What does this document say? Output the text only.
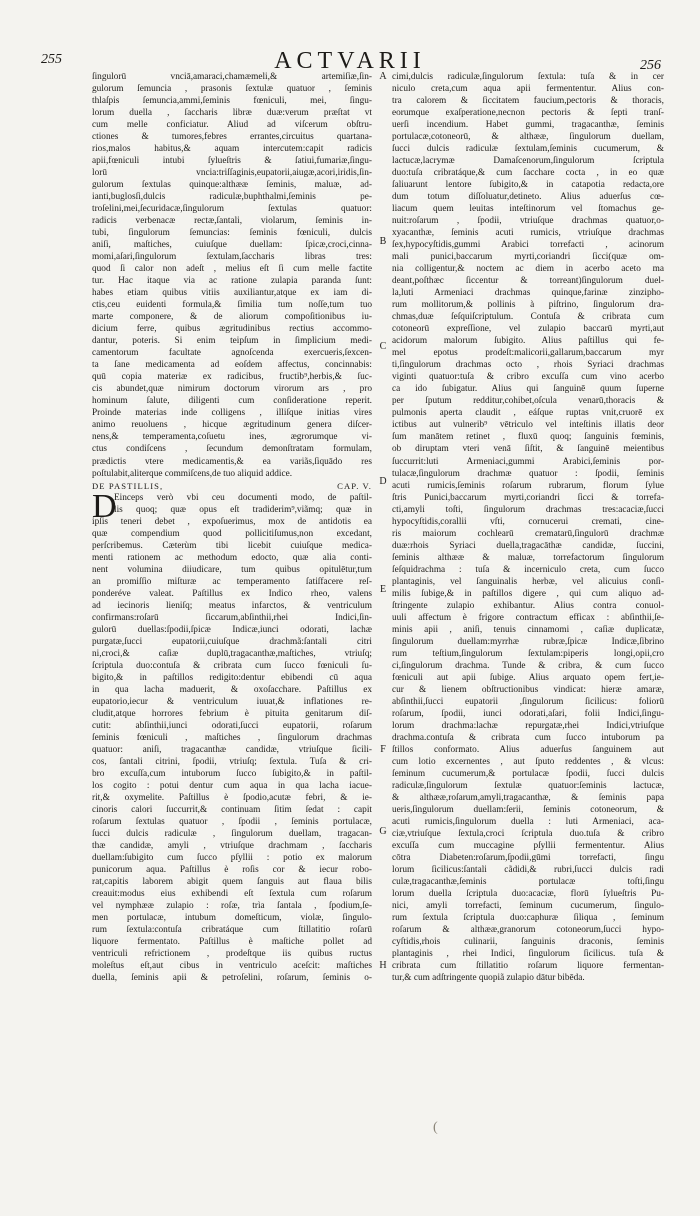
255	ACTVARII	256
ſingulorū vnciā,amaraci,chamæmeli,& artemiſiæ,ſin-
gulorum ſemuncia , prasonis ſextulæ quatuor , ſeminis
thlaſpis ſemuncia,ammi,ſeminis fœniculi, mei, ſingu-
lorum duella , ſaccharis libræ duæ:verum præſtat vt
cum melle conficiatur. Aliud ad viſcerum obſtru-
ctiones & tumores,febres errantes,circuitus quartana-
rios,malos habitus,& aquam intercutem:capit radicis
apii,fœniculi intubi ſylueſtris & ſatiui,fumariæ,ſingu-
lorū vncia:triſſaginis,eupatorii,aiugæ,acori,iridis,ſin-
gulorum ſextulas quinque:althææ ſeminis, maluæ, ad-
ianti,buglosſi,dulcis radiculæ,buphthalmi,ſeminis pe-
troſelini,mei,ſecuridacæ,ſingulorum ſextulas quatuor:
radicis verbenacæ rectæ,ſantali, violarum, ſeminis in-
tubi, ſingulorum ſemuncias: ſeminis fœniculi, dulcis
aniſi, maſtiches, cuiuſque duellam: ſpicæ,croci,cinna-
momi,aſari,ſingulorum ſextulam,ſaccharis libras tres:
quod ſi calor non adeſt , melius eſt ſi cum melle factite
tur. Hac itaque via ac ratione zulapia paranda ſunt:
habes etiam quibus vitiis auxiliantur,atque ex iam di-
ctis,ceu euidenti formula,& ſimilia tum noſſe,tum tuo
marte componere, & de aliorum compoſitionibus iu-
dicium ferre, quibus ægritudinibus rectius accommo-
dantur, poteris. Si enim teipſum in ſimplicium medi-
camentorum facultate agnoſcenda exercueris,ſexcen-
ta ſane medicamenta ad eoſdem affectus, concinnabis:
quū copia materiæ ex radicibus, fructib⁹,herbis,& ſuc-
cis abundet,quæ nimirum doctorum virorum ars , pro
hominum ſalute, diligenti cum conſideratione reperit.
Proinde materias inde colligens , illiſque initias vires
animo reuoluens , hicque ægritudinum genera diſcer-
nens,& temperamenta,coſuetu ines, ægrorumque vi-
ctus condiſcens , ſecundum demonſtratam formulam,
prædictis vtere medicamentis,& ea variãs,ſiquādo res
poſtulabit,aliterque commiſcens,de tuo aliquid addice.
DE PASTILLIS,	CAP. V.
D
Einceps verò vbi ceu documenti modo, de paſtil-
lis quoq; quæ opus eſt tradiderim⁹,viãmq; quæ in
ipſis teneri debet , expoſuerimus, mox de antidotis ea
quæ compendium quod pollicitiſumus,non excedant,
perſcribemus. Cæterùm tibi licebit cuiuſque medica-
menti rationem ac methodum edocto, quæ alia conti-
nent volumina diiudicare, tum quibus opitulētur,tum
an promiſſio miſturæ ac temperamento ſatiſfacere reſ-
ponderéve valeat. Paſtillus ex Indico rheo, valens
ad iecinoris lieniſq; meatus infarctos, & ventriculum
confirmans:roſarū ſiccarum,abſinthii,rhei Indici,ſin-
gulorū duellas:ſpodii,ſpicæ Indicæ,iunci odorati, lachæ
purgatæ,ſucci eupatorii,cuiuſque drachmã:ſantali citri
ni,croci,& caſiæ duplū,tragacanthæ,maſtiches, vtriuſq;
ſcriptula duo:contuſa & cribrata cum ſucco fœniculi ſu-
bigito,& in paſtillos redigito:dentur ebibendi cū aqua
in qua lacha maduerit, & oxoſacchare. Paſtillus ex
eupatorio,iecur & ventriculum iuuat,& inflationes re-
cludit,atque horrores febrium è pituita genitarum diſ-
cutit: abſinthii,iunci odorati,ſucci eupatorii, roſarum
ſeminis fœniculi , maſtiches , ſingulorum drachmas
quatuor: aniſi, tragacanthæ candidæ, vtriuſque ſicili-
cos, ſantali citrini, ſpodii, vtriuſq; ſextula. Tuſa & cri-
bro excuſſa,cum intuborum ſucco ſubigito,& in paſtil-
los cogito : potui dentur cum aqua in qua lacha iacue-
rit,& oxymelite. Paſtillus è ſpodio,acutæ febri, & ie-
cinoris calori ſuccurrit,& continuam ſitim ſedat : capit
roſarum ſextulas quatuor , ſpodii , ſeminis portulacæ,
ſucci dulcis radiculæ , ſingulorum duellam, tragacan-
thæ candidæ, amyli , vtriuſque drachmam , ſaccharis
duellam:ſubigito cum ſucco pſyllii : potio ex malorum
punicorum aqua. Paſtillus è roſis cor & iecur robo-
rat,capitis laborem abigit quem ſanguis aut flaua bilis
creauit:modus eius exhibendi eſt ſextula cum roſarum
vel nymphææ zulapio : roſæ, trìa ſantala , ſpodium,ſe-
men portulacæ, intubum domeſticum, violæ, ſingulo-
rum ſextula:contuſa cribratáque cum ſtillatitio roſarū
liquore fermentato. Paſtillus è maſtiche pollet ad
ventriculi refrictionem , prodeſtque iis quibus ructus
moleſtus eſt,aut cibus in ventriculo aceſcit: maſtiches
duella, ſeminis apii & petroſelini, roſarum, ſeminis o-
cimi,dulcis radiculæ,ſingulorum ſextula: tuſa & in cer
niculo creta,cum aqua apii fermententur. Alius con-
tra calorem & ſiccitatem faucium,pectoris & thoracis,
eorumque exaſperatione,necnon pectoris & ſepti tranſ-
uerſi incendium. Habet gummi, tragacanthæ, ſeminis
portulacæ,cotoneorū, & althææ, ſingulorum duellam,
ſucci dulcis radiculæ ſextulam,ſeminis cucumerum, &
lactucæ,lacrymæ Damaſcenorum,ſingulorum ſcriptula
duo:tuſa cribratáque,& cum ſacchare cocta , in eo quæ
ſaliuarunt lentore ſubigito,& in catapotia redacta,ore
dum totum diſſoluatur,detineto. Alius aduerſus cœ-
liacum quem leuitas inteſtinorum vel ſtomachus ge-
nuit:roſarum , ſpodii, vtriuſque drachmas quatuor,o-
xyacanthæ, ſeminis acuti rumicis, vtriuſque drachmas
ſex,hypocyſtidis,gummi Arabici torrefacti , acinorum
mali punici,baccarum myrti,coriandri ſicci(quæ om-
nia colligentur,& noctem ac diem in acerbo aceto ma
deant,poſthæc ſiccentur & torreant)ſingulorum duel-
la,luti Armeniaci drachmas quinque,farinæ zinzipho-
rum mollitorum,& pollinis à piſtrino, ſingulorum dra-
chmas,duæ ſeſquiſcriptulum. Contuſa & cribrata cum
cotoneorū expreſſione, vel zulapio baccarū myrti,aut
acidorum malorum ſubigito. Alius paſtillus qui fe-
mel epotus prodeſt:malicorii,gallarum,baccarum myr
ti,ſingulorum drachmas octo , rhois Syriaci drachmas
viginti quatuor:tuſa & cribro excuſſa cum vino acerbo
ca ido ſubigatur. Alius qui ſanguinē quum ſuperne
per ſputum redditur,cohibet,oſcula venarū,thoracis &
pulmonis aperta claudit , eáſque ruptas vnit,cruorē ex
ictibus aut vulnerib⁹ vētriculo vel inteſtinis illatis deor
ſum manātem retinet , fluxū quoq; ſanguinis fœminis,
ob diruptam vteri venā ſiſtit, & ſanguinē meientibus
ſuccurrit:luti Armeniaci,gummi Arabici,ſeminis por-
tulacæ,ſingulorum drachmæ quatuor : ſpodii, ſeminis
acuti rumicis,ſeminis roſarum rubrarum, florum ſylue
ſtris Punici,baccarum myrti,coriandri ſicci & torrefa-
cti,amyli toſti, ſingulorum drachmas tres:acaciæ,ſucci
hypocyſtidis,corallii vſti, cornucerui cremati, cine-
ris maiorum cochlearū crematarū,ſingulorū drachmæ
duæ:rhois Syriaci duella,tragacāthæ candidæ, ſuccini,
ſeminis althææ & maluæ, torrefactorum ſingulorum
ſeſquidrachma : tuſa & incerniculo creta, cum ſucco
plantaginis, vel ſanguinalis herbæ, vel alicuius conſi-
milis ſubige,& in paſtillos digere , qui cum aliquo ad-
ſtringente zulapio exhibantur. Alius contra conuol-
uuli affectum è frigore contractum efficax : abſinthii,ſe-
minis apii , aniſi, tenuis cinnamomi , caſiæ duplicatæ,
ſingulorum duellam:myrrhæ rubræ,ſpicæ Indicæ,ſibrino
rum teſtium,ſingulorum ſextulam:piperis longi,opii,cro
ci,ſingulorum drachma. Tunde & cribra, & cum ſucco
fœniculi aut apii ſubige. Alius arquato opem fert,ie-
cur & lienem obſtructionibus vindicat: hieræ amaræ,
abſinthii,ſucci eupatorii ,ſingulorum ſicilicus: foliorū
roſarum, ſpodii, iunci odorati,aſari, folii Indici,ſingu-
lorum drachma:lachæ repurgatæ,rhei Indici,vtriuſque
drachma.contuſa & cribrata cum ſucco intuborum pa
ſtillos conformato. Alius aduerſus ſanguinem aut
cum lotio excernentes , aut ſputo reddentes , & vlcus:
ſeminum cucumerum,& portulacæ ſpodii, ſucci dulcis
radiculæ,ſingulorum ſextulæ quatuor:ſeminis lactucæ,
& althææ,roſarum,amyli,tragacanthæ, & ſeminis papa
ueris,ſingulorum duellam:ſerii, ſeminis cotoneorum, &
acuti rumicis,ſingulorum duella : luti Armeniaci, aca-
ciæ,vtriuſque ſextula,croci ſcriptula duo.tuſa & cribro
excuſſa cum muccagine pſyllii fermententur. Alius
cōtra Diabeten:roſarum,ſpodii,gūmi torrefacti, ſingu
lorum ſicilicus:ſantali cãdidi,& rubri,ſucci dulcis radi
culæ,tragacanthæ,ſeminis portulacæ toſti,ſingu
lorum duella ſcriptula duo:acaciæ, florū ſylueſtris Pu-
nici, amyli torrefacti, ſeminum cucumerum, ſingulo-
rum ſextula ſcriptula duo:caphuræ ſiliqua , ſeminum
roſarum & althææ,granorum cotoneorum,ſucci hypo-
cyſtidis,rhois culinarii, ſanguinis draconis, ſeminis
plantaginis , rhei Indici, ſingulorum ſicilicus. tuſa &
cribrata cum ſtillatitio roſarum liquore fermentan-
tur,& cum adſtringente quopiã zulapio dātur bibēda.
A
B
C
D
E
F
G
H
​(
